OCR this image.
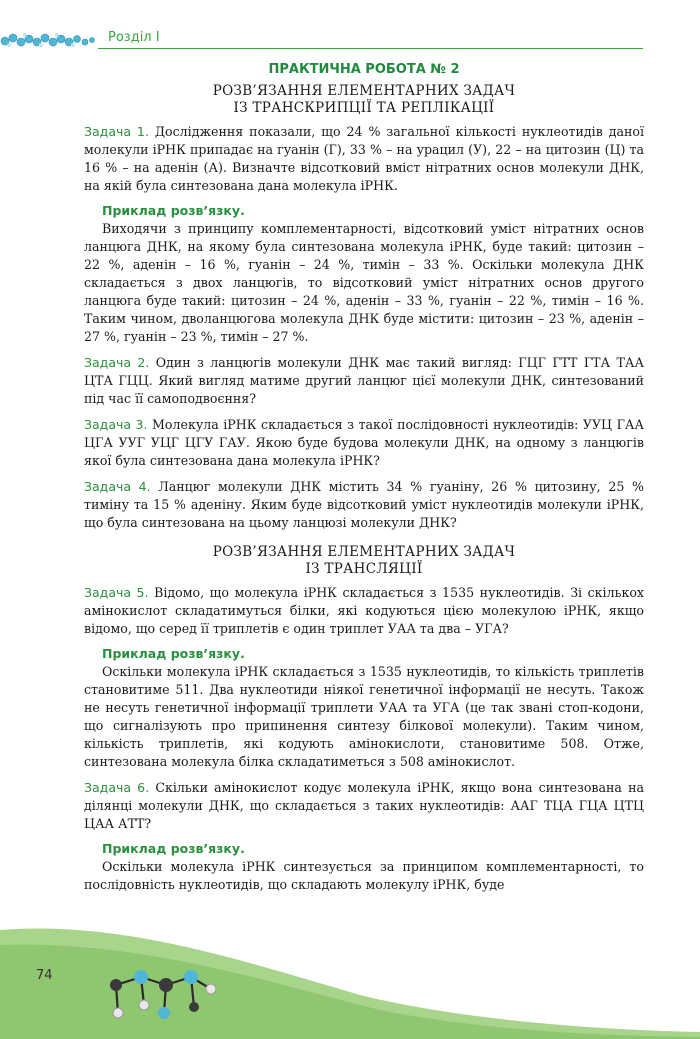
Розділ І
ПРАКТИЧНА РОБОТА № 2
РОЗВ’ЯЗАННЯ ЕЛЕМЕНТАРНИХ ЗАДАЧ
ІЗ ТРАНСКРИПЦІЇ ТА РЕПЛІКАЦІЇ
Задача 1. Дослідження показали, що 24 % загальної кількості нуклеотидів даної молекули іРНК припадає на гуанін (Г), 33 % – на урацил (У), 22 – на цитозин (Ц) та 16 % – на аденін (А). Визначте відсотковий вміст нітратних основ молекули ДНК, на якій була синтезована дана молекула іРНК.
Приклад розв’язку.
Виходячи з принципу комплементарності, відсотковий уміст нітратних основ ланцюга ДНК, на якому була синтезована молекула іРНК, буде такий: цитозин – 22 %, аденін – 16 %, гуанін – 24 %, тимін – 33 %. Оскільки молекула ДНК складається з двох ланцюгів, то відсотковий уміст нітратних основ другого ланцюга буде такий: цитозин – 24 %, аденін – 33 %, гуанін – 22 %, тимін – 16 %. Таким чином, дволанцюгова молекула ДНК буде містити: цитозин – 23 %, аденін – 27 %, гуанін – 23 %, тимін – 27 %.
Задача 2. Один з ланцюгів молекули ДНК має такий вигляд: ГЦГ ГТТ ГТА ТАА ЦТА ГЦЦ. Який вигляд матиме другий ланцюг цієї молекули ДНК, синтезований під час її самоподвоєння?
Задача 3. Молекула іРНК складається з такої послідовності нуклеотидів: УУЦ ГАА ЦГА УУГ УЦГ ЦГУ ГАУ. Якою буде будова молекули ДНК, на одному з ланцюгів якої була синтезована дана молекула іРНК?
Задача 4. Ланцюг молекули ДНК містить 34 % гуаніну, 26 % цитозину, 25 % тиміну та 15 % аденіну. Яким буде відсотковий уміст нуклеотидів молекули іРНК, що була синтезована на цьому ланцюзі молекули ДНК?
РОЗВ’ЯЗАННЯ ЕЛЕМЕНТАРНИХ ЗАДАЧ
ІЗ ТРАНСЛЯЦІЇ
Задача 5. Відомо, що молекула іРНК складається з 1535 нуклеотидів. Зі скількох амінокислот складатимуться білки, які кодуються цією молекулою іРНК, якщо відомо, що серед її триплетів є один триплет УАА та два – УГА?
Приклад розв’язку.
Оскільки молекула іРНК складається з 1535 нуклеотидів, то кількість триплетів становитиме 511. Два нуклеотиди ніякої генетичної інформації не несуть. Також не несуть генетичної інформації триплети УАА та УГА (це так звані стоп-кодони, що сигналізують про припинення синтезу білкової молекули). Таким чином, кількість триплетів, які кодують амінокислоти, становитиме 508. Отже, синтезована молекула білка складатиметься з 508 амінокислот.
Задача 6. Скільки амінокислот кодує молекула іРНК, якщо вона синтезована на ділянці молекули ДНК, що складається з таких нуклеотидів: ААГ ТЦА ГЦА ЦТЦ ЦАА АТТ?
Приклад розв’язку.
Оскільки молекула іРНК синтезується за принципом комплементарності, то послідовність нуклеотидів, що складають молекулу іРНК, буде
74
